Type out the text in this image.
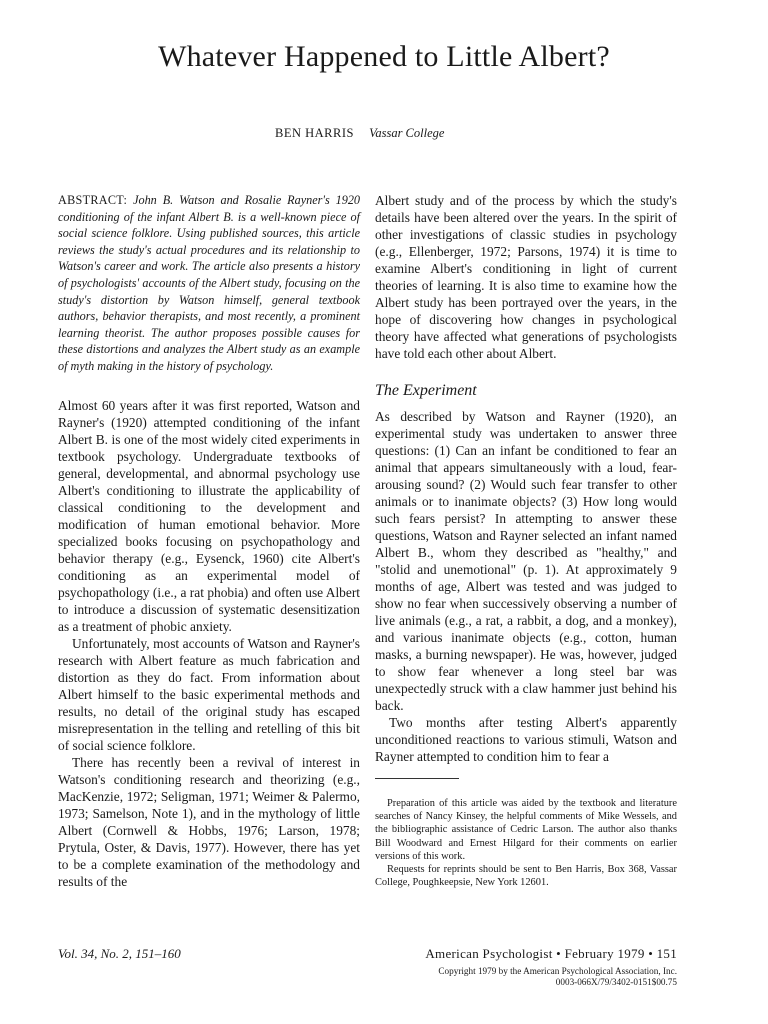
Whatever Happened to Little Albert?
BEN HARRIS Vassar College

ABSTRACT: John B. Watson and Rosalie Rayner's 1920 conditioning of the infant Albert B. is a well-known piece of social science folklore. Using published sources, this article reviews the study's actual procedures and its relationship to Watson's career and work. The article also presents a history of psychologists' accounts of the Albert study, focusing on the study's distortion by Watson himself, general textbook authors, behavior therapists, and most recently, a prominent learning theorist. The author proposes possible causes for these distortions and analyzes the Albert study as an example of myth making in the history of psychology.

Almost 60 years after it was first reported, Watson and Rayner's (1920) attempted conditioning of the infant Albert B. is one of the most widely cited experiments in textbook psychology. Undergraduate textbooks of general, developmental, and abnormal psychology use Albert's conditioning to illustrate the applicability of classical conditioning to the development and modification of human emotional behavior. More specialized books focusing on psychopathology and behavior therapy (e.g., Eysenck, 1960) cite Albert's conditioning as an experimental model of psychopathology (i.e., a rat phobia) and often use Albert to introduce a discussion of systematic desensitization as a treatment of phobic anxiety.

Unfortunately, most accounts of Watson and Rayner's research with Albert feature as much fabrication and distortion as they do fact. From information about Albert himself to the basic experimental methods and results, no detail of the original study has escaped misrepresentation in the telling and retelling of this bit of social science folklore.

There has recently been a revival of interest in Watson's conditioning research and theorizing (e.g., MacKenzie, 1972; Seligman, 1971; Weimer & Palermo, 1973; Samelson, Note 1), and in the mythology of little Albert (Cornwell & Hobbs, 1976; Larson, 1978; Prytula, Oster, & Davis, 1977). However, there has yet to be a complete examination of the methodology and results of the

Albert study and of the process by which the study's details have been altered over the years. In the spirit of other investigations of classic studies in psychology (e.g., Ellenberger, 1972; Parsons, 1974) it is time to examine Albert's conditioning in light of current theories of learning. It is also time to examine how the Albert study has been portrayed over the years, in the hope of discovering how changes in psychological theory have affected what generations of psychologists have told each other about Albert.

The Experiment

As described by Watson and Rayner (1920), an experimental study was undertaken to answer three questions: (1) Can an infant be conditioned to fear an animal that appears simultaneously with a loud, fear-arousing sound? (2) Would such fear transfer to other animals or to inanimate objects? (3) How long would such fears persist? In attempting to answer these questions, Watson and Rayner selected an infant named Albert B., whom they described as "healthy," and "stolid and unemotional" (p. 1). At approximately 9 months of age, Albert was tested and was judged to show no fear when successively observing a number of live animals (e.g., a rat, a rabbit, a dog, and a monkey), and various inanimate objects (e.g., cotton, human masks, a burning newspaper). He was, however, judged to show fear whenever a long steel bar was unexpectedly struck with a claw hammer just behind his back.

Two months after testing Albert's apparently unconditioned reactions to various stimuli, Watson and Rayner attempted to condition him to fear a

Preparation of this article was aided by the textbook and literature searches of Nancy Kinsey, the helpful comments of Mike Wessels, and the bibliographic assistance of Cedric Larson. The author also thanks Bill Woodward and Ernest Hilgard for their comments on earlier versions of this work.

Requests for reprints should be sent to Ben Harris, Box 368, Vassar College, Poughkeepsie, New York 12601.

Vol. 34, No. 2, 151–160	American Psychologist • February 1979 • 151
Copyright 1979 by the American Psychological Association, Inc.
0003-066X/79/3402-0151$00.75
